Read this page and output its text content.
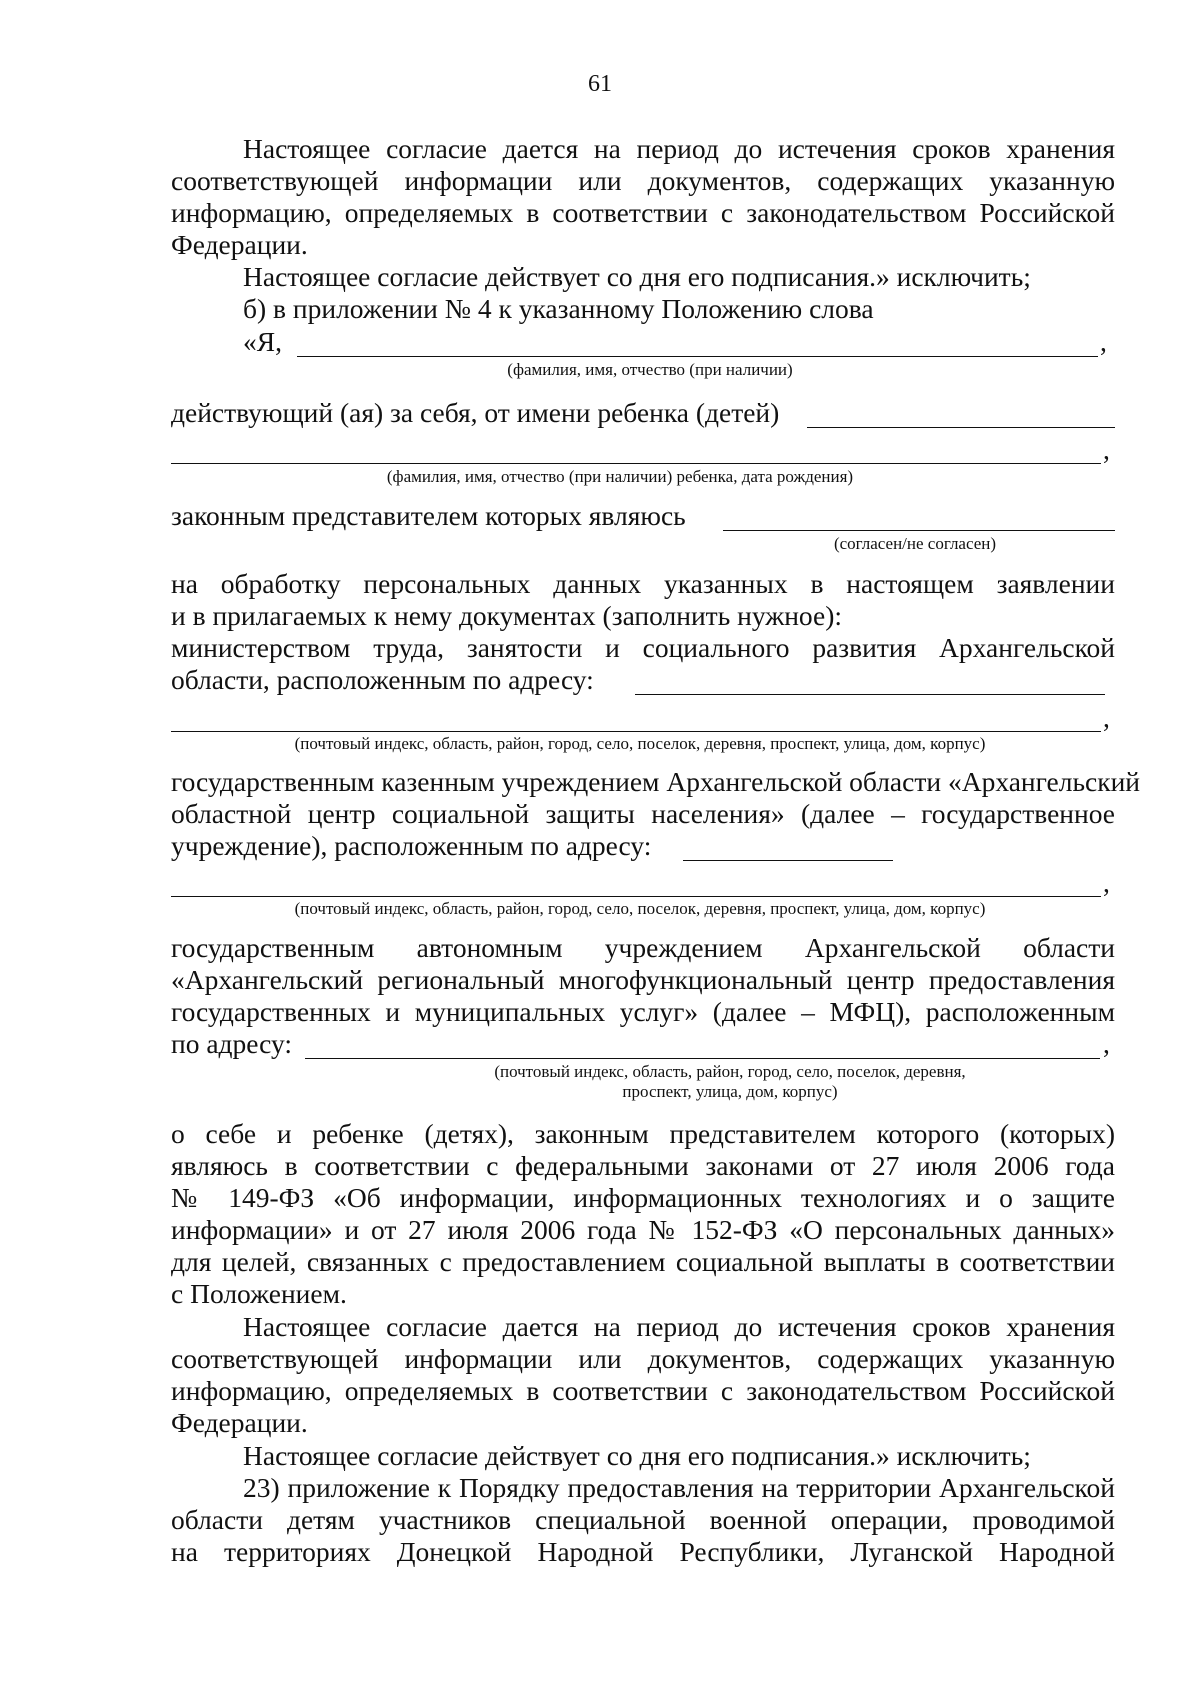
61
Настоящее согласие дается на период до истечения сроков хранения
соответствующей информации или документов, содержащих указанную
информацию, определяемых в соответствии с законодательством Российской
Федерации.
Настоящее согласие действует со дня его подписания.» исключить;
б) в приложении № 4 к указанному Положению слова
«Я,	,
(фамилия, имя, отчество (при наличии)
действующий (ая) за себя, от имени ребенка (детей)
,
(фамилия, имя, отчество (при наличии) ребенка, дата рождения)
законным представителем которых являюсь
(согласен/не согласен)
на обработку персональных данных указанных в настоящем заявлении
и в прилагаемых к нему документах (заполнить нужное):
министерством труда, занятости и социального развития Архангельской
области, расположенным по адресу:
,
(почтовый индекс, область, район, город, село, поселок, деревня, проспект, улица, дом, корпус)
государственным казенным учреждением Архангельской области «Архангельский
областной центр социальной защиты населения» (далее – государственное
учреждение), расположенным по адресу:
,
(почтовый индекс, область, район, город, село, поселок, деревня, проспект, улица, дом, корпус)
государственным автономным учреждением Архангельской области
«Архангельский региональный многофункциональный центр предоставления
государственных и муниципальных услуг» (далее – МФЦ), расположенным
по адресу:	,
(почтовый индекс, область, район, город, село, поселок, деревня,
проспект, улица, дом, корпус)
о себе и ребенке (детях), законным представителем которого (которых)
являюсь в соответствии с федеральными законами от 27 июля 2006 года
№ 149-ФЗ «Об информации, информационных технологиях и о защите
информации» и от 27 июля 2006 года № 152-ФЗ «О персональных данных»
для целей, связанных с предоставлением социальной выплаты в соответствии
с Положением.
Настоящее согласие дается на период до истечения сроков хранения
соответствующей информации или документов, содержащих указанную
информацию, определяемых в соответствии с законодательством Российской
Федерации.
Настоящее согласие действует со дня его подписания.» исключить;
23) приложение к Порядку предоставления на территории Архангельской
области детям участников специальной военной операции, проводимой
на территориях Донецкой Народной Республики, Луганской Народной
